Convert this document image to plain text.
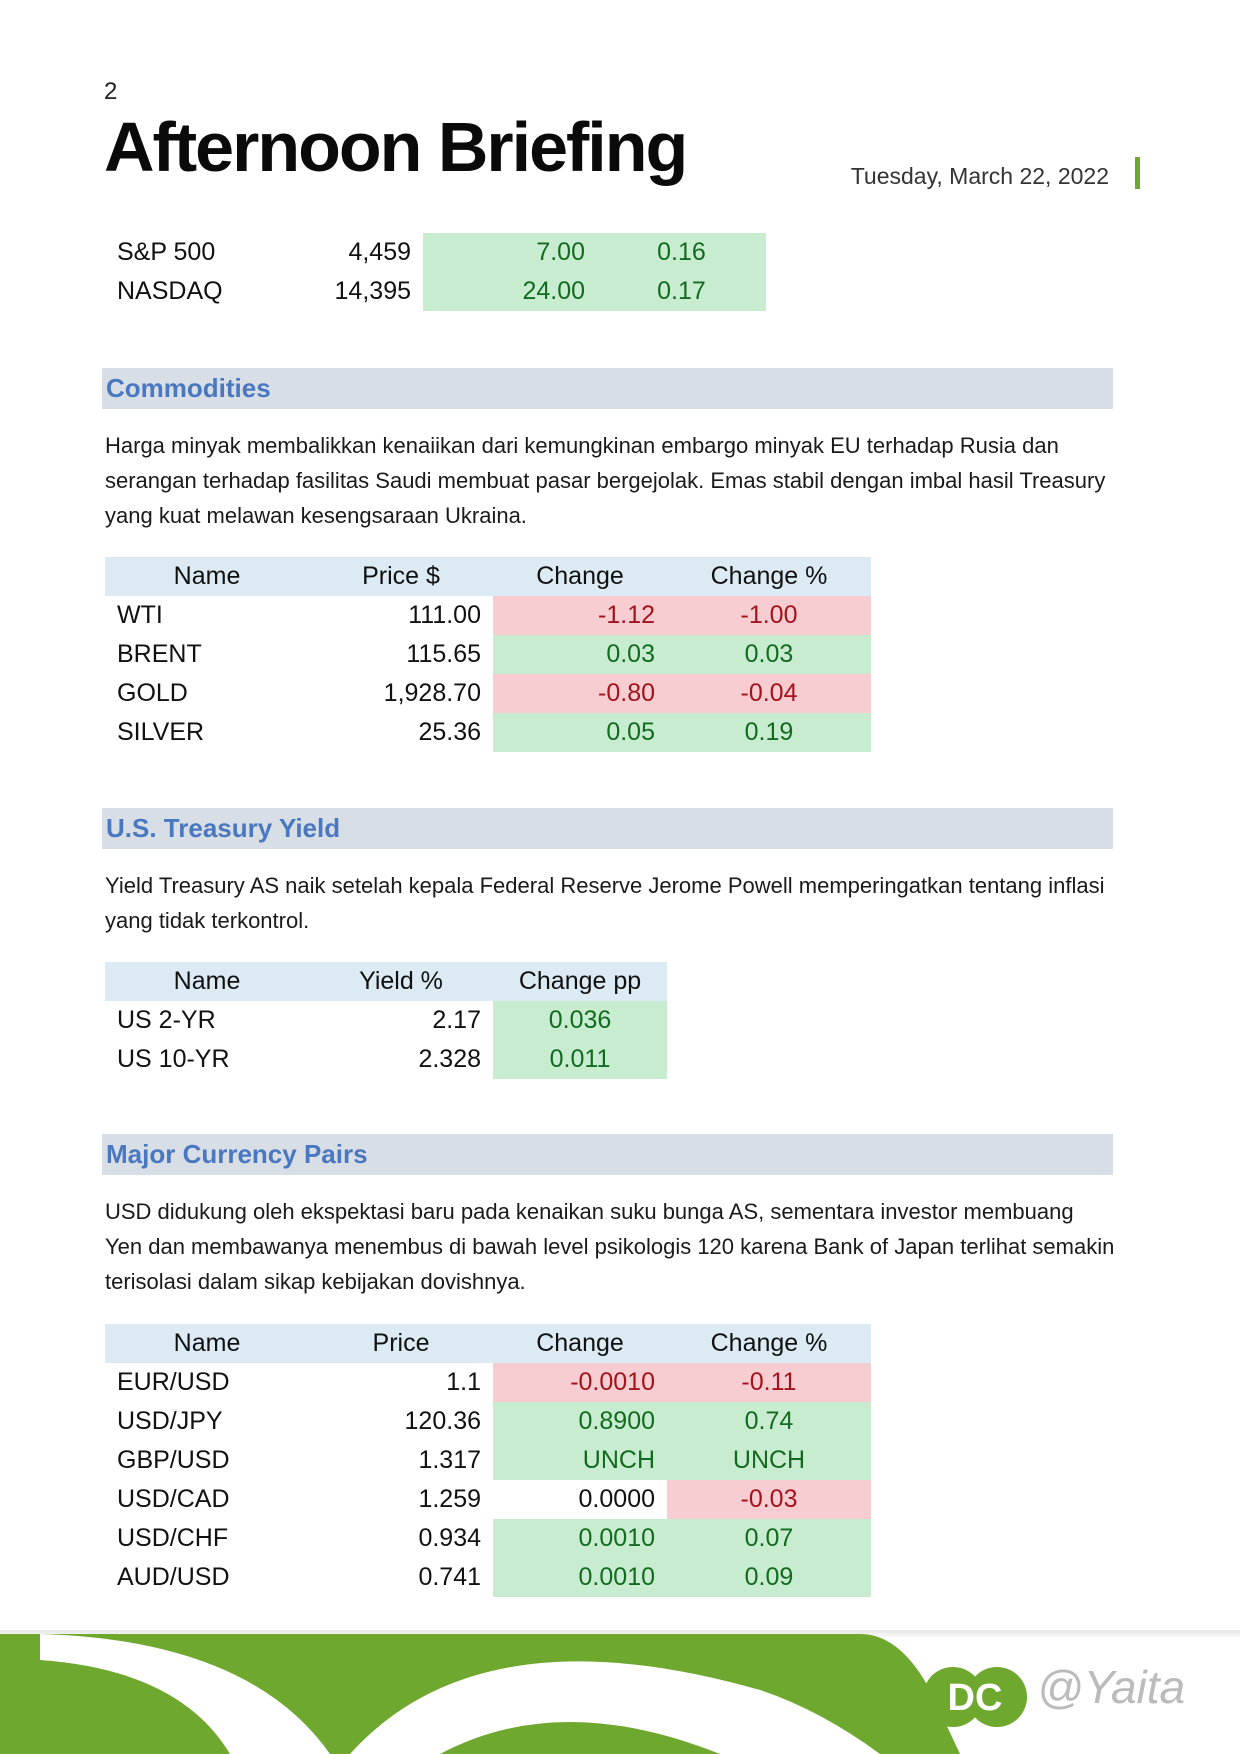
2
Afternoon Briefing	Tuesday, March 22, 2022
S&P 500	4,459	7.00	0.16
NASDAQ	14,395	24.00	0.17
Commodities
Harga minyak membalikkan kenaiikan dari kemungkinan embargo minyak EU terhadap Rusia dan serangan terhadap fasilitas Saudi membuat pasar bergejolak. Emas stabil dengan imbal hasil Treasury yang kuat melawan kesengsaraan Ukraina.
Name	Price $	Change	Change %
WTI	111.00	-1.12	-1.00
BRENT	115.65	0.03	0.03
GOLD	1,928.70	-0.80	-0.04
SILVER	25.36	0.05	0.19
U.S. Treasury Yield
Yield Treasury AS naik setelah kepala Federal Reserve Jerome Powell memperingatkan tentang inflasi yang tidak terkontrol.
Name	Yield %	Change pp
US 2-YR	2.17	0.036
US 10-YR	2.328	0.011
Major Currency Pairs
USD didukung oleh ekspektasi baru pada kenaikan suku bunga AS, sementara investor membuang Yen dan membawanya menembus di bawah level psikologis 120 karena Bank of Japan terlihat semakin terisolasi dalam sikap kebijakan dovishnya.
Name	Price	Change	Change %
EUR/USD	1.1	-0.0010	-0.11
USD/JPY	120.36	0.8900	0.74
GBP/USD	1.317	UNCH	UNCH
USD/CAD	1.259	0.0000	-0.03
USD/CHF	0.934	0.0010	0.07
AUD/USD	0.741	0.0010	0.09
DC @Yaita
